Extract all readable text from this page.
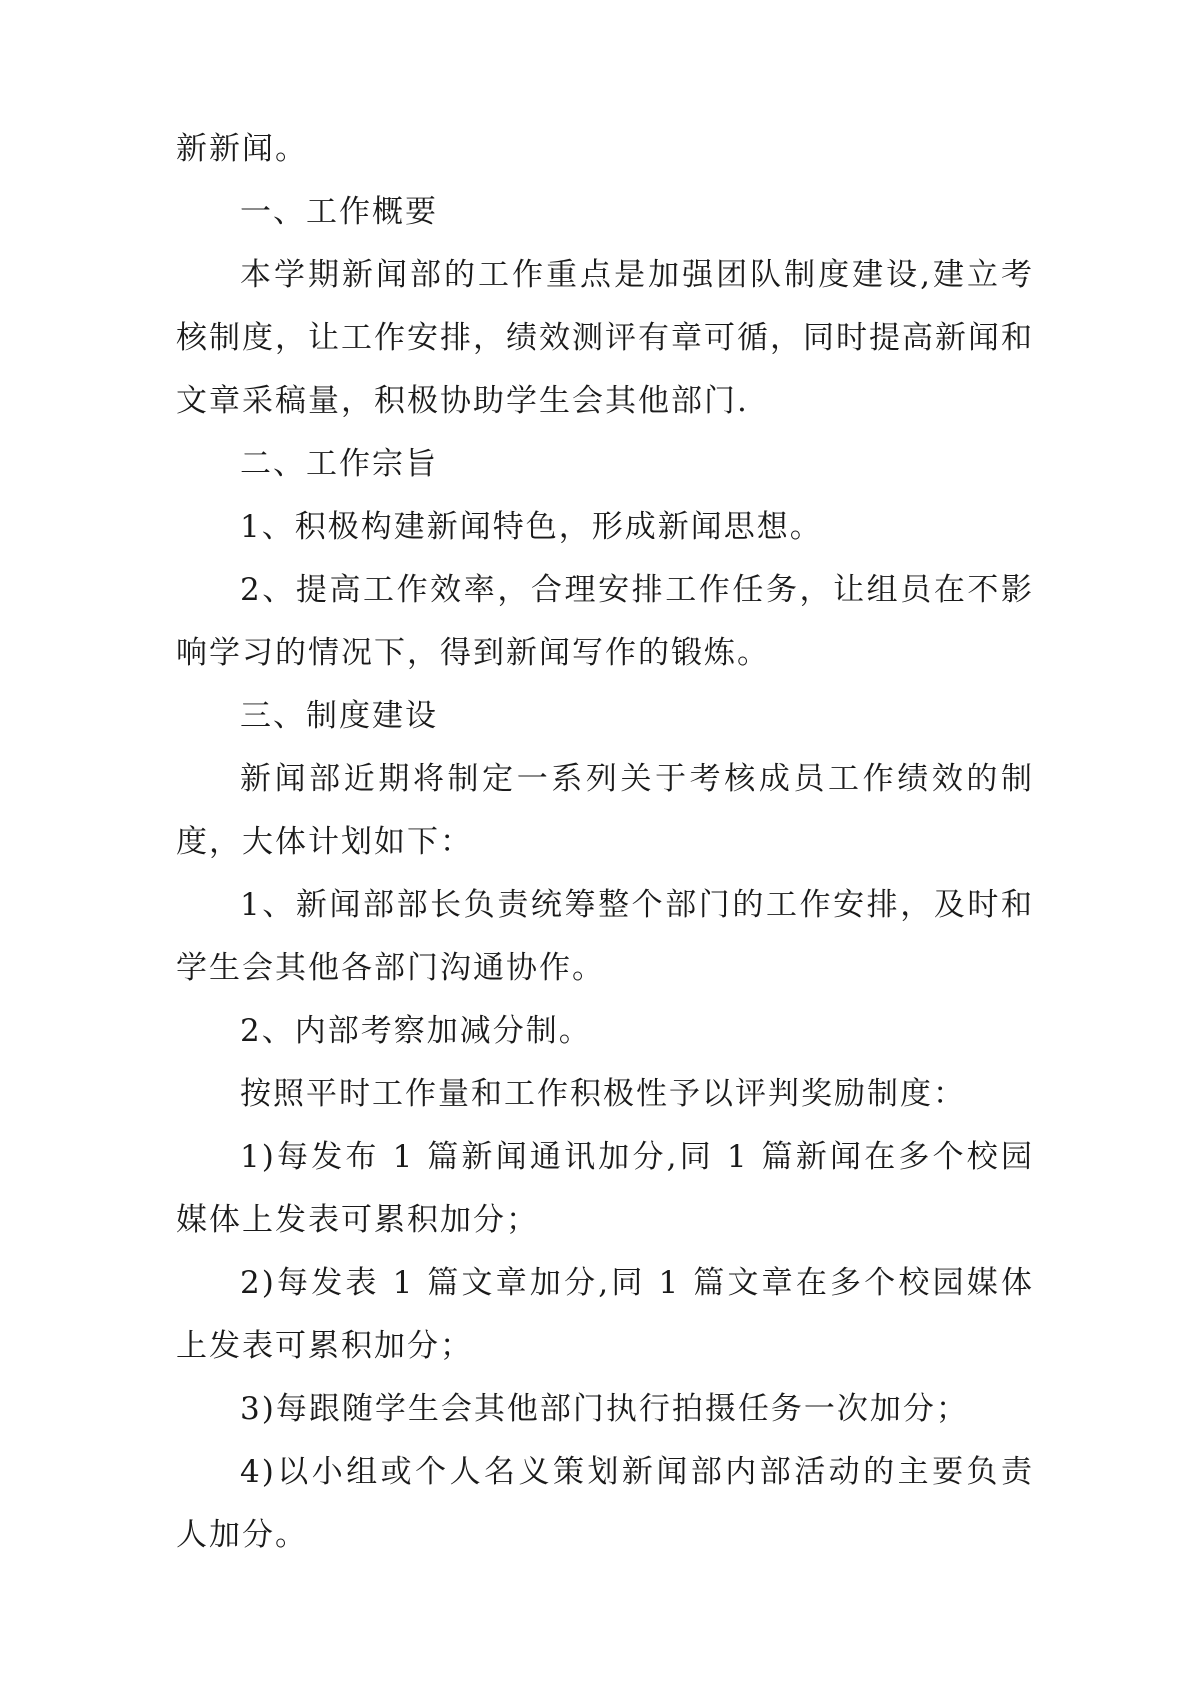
新新闻。

一、工作概要

本学期新闻部的工作重点是加强团队制度建设,建立考核制度，让工作安排，绩效测评有章可循，同时提高新闻和文章采稿量，积极协助学生会其他部门.

二、工作宗旨

1、积极构建新闻特色，形成新闻思想。

2、提高工作效率，合理安排工作任务，让组员在不影响学习的情况下，得到新闻写作的锻炼。

三、制度建设

新闻部近期将制定一系列关于考核成员工作绩效的制度，大体计划如下：

1、新闻部部长负责统筹整个部门的工作安排，及时和学生会其他各部门沟通协作。

2、内部考察加减分制。

按照平时工作量和工作积极性予以评判奖励制度：

1)每发布 1 篇新闻通讯加分,同 1 篇新闻在多个校园媒体上发表可累积加分；

2)每发表 1 篇文章加分,同 1 篇文章在多个校园媒体上发表可累积加分；

3)每跟随学生会其他部门执行拍摄任务一次加分；

4)以小组或个人名义策划新闻部内部活动的主要负责人加分。
